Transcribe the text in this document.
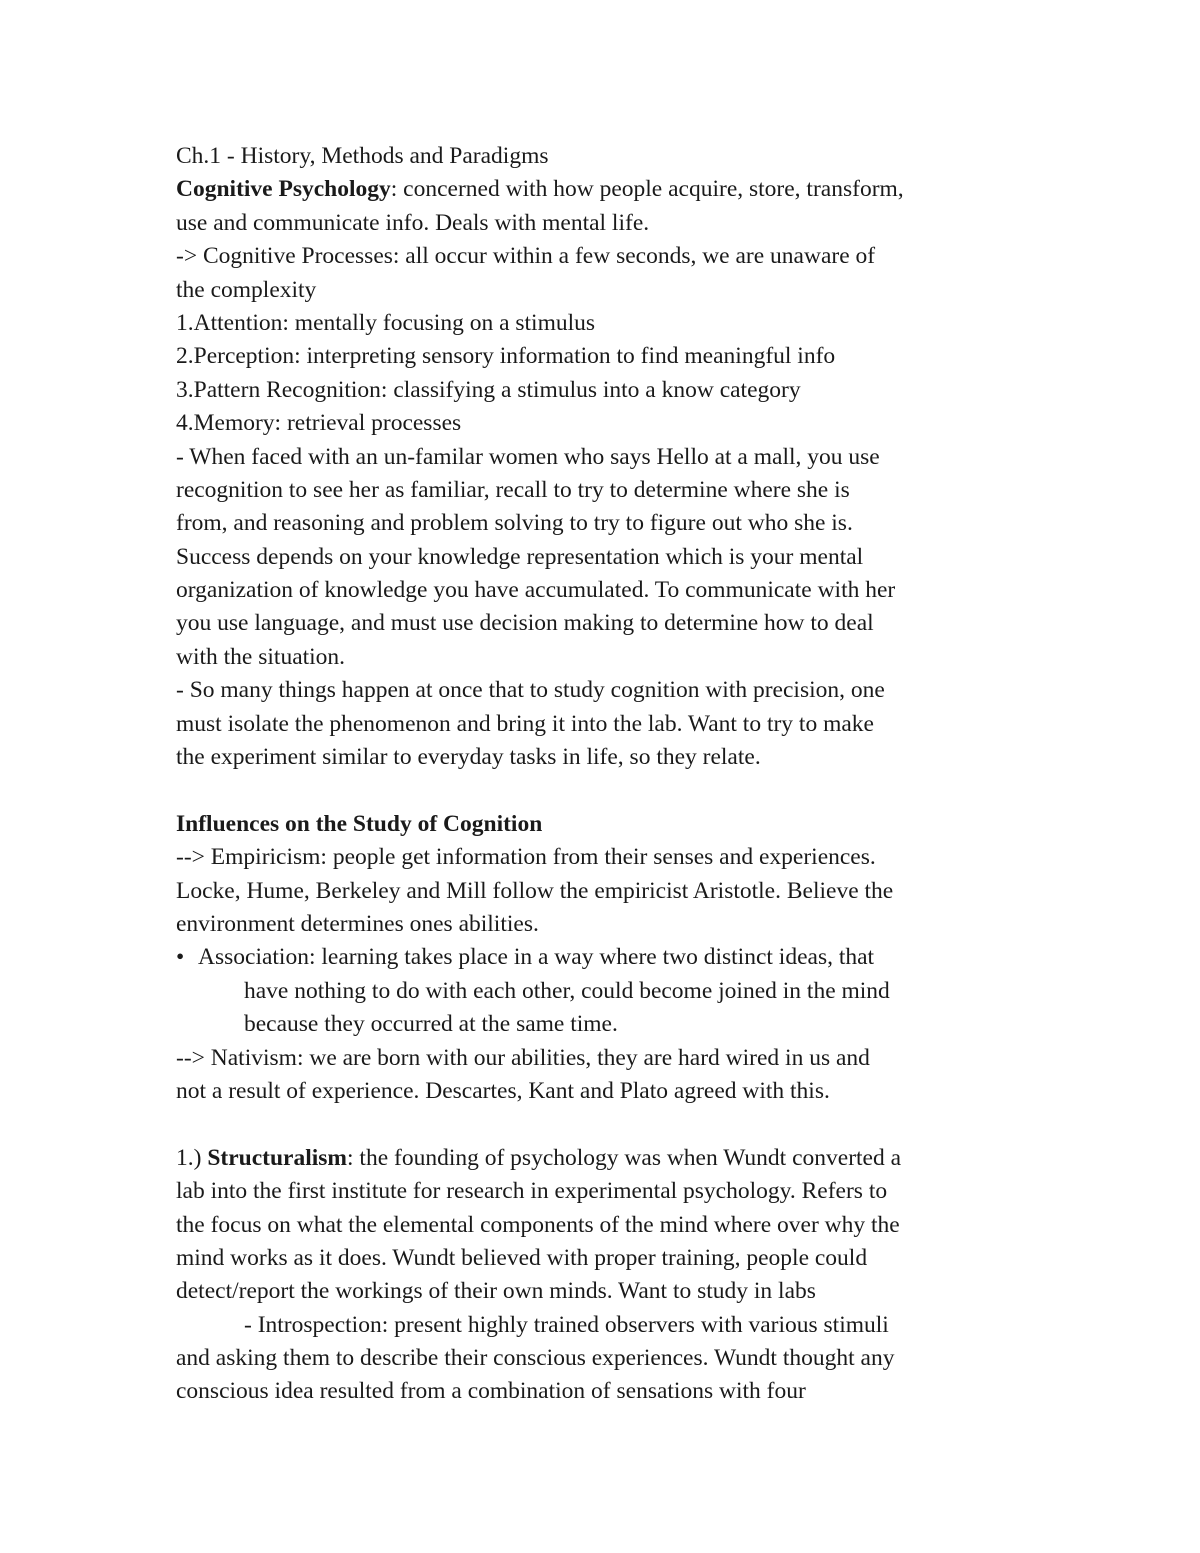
Ch.1 - History, Methods and Paradigms
Cognitive Psychology: concerned with how people acquire, store, transform,
use and communicate info. Deals with mental life.
-> Cognitive Processes: all occur within a few seconds, we are unaware of
the complexity
1.Attention: mentally focusing on a stimulus
2.Perception: interpreting sensory information to find meaningful info
3.Pattern Recognition: classifying a stimulus into a know category
4.Memory: retrieval processes
- When faced with an un-familar women who says Hello at a mall, you use
recognition to see her as familiar, recall to try to determine where she is
from, and reasoning and problem solving to try to figure out who she is.
Success depends on your knowledge representation which is your mental
organization of knowledge you have accumulated. To communicate with her
you use language, and must use decision making to determine how to deal
with the situation.
- So many things happen at once that to study cognition with precision, one
must isolate the phenomenon and bring it into the lab. Want to try to make
the experiment similar to everyday tasks in life, so they relate.
Influences on the Study of Cognition
--> Empiricism: people get information from their senses and experiences.
Locke, Hume, Berkeley and Mill follow the empiricist Aristotle. Believe the
environment determines ones abilities.
• Association: learning takes place in a way where two distinct ideas, that
have nothing to do with each other, could become joined in the mind
because they occurred at the same time.
--> Nativism: we are born with our abilities, they are hard wired in us and
not a result of experience. Descartes, Kant and Plato agreed with this.
1.) Structuralism: the founding of psychology was when Wundt converted a
lab into the first institute for research in experimental psychology. Refers to
the focus on what the elemental components of the mind where over why the
mind works as it does. Wundt believed with proper training, people could
detect/report the workings of their own minds. Want to study in labs
- Introspection: present highly trained observers with various stimuli
and asking them to describe their conscious experiences. Wundt thought any
conscious idea resulted from a combination of sensations with four
